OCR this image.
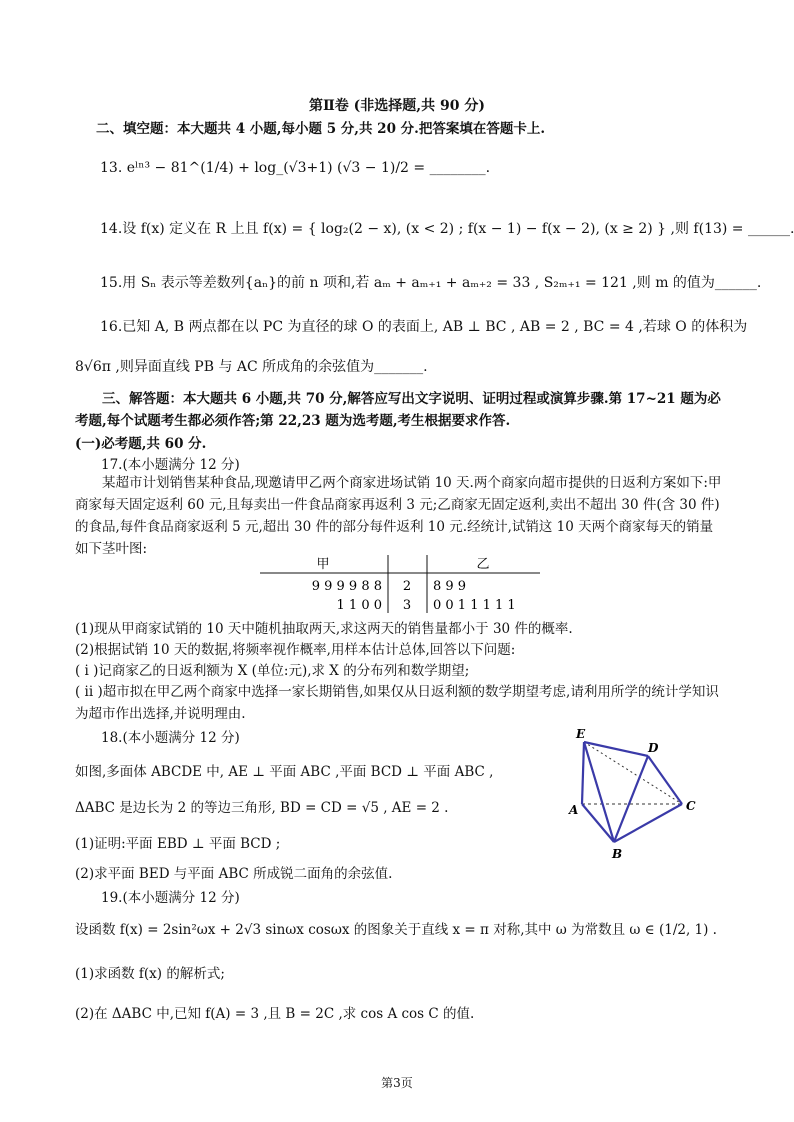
第Ⅱ卷 (非选择题,共 90 分)
二、填空题：本大题共 4 小题,每小题 5 分,共 20 分.把答案填在答题卡上.
13. eˡⁿ³ − 81^(1/4) + log_(√3+1) (√3 − 1)/2 = ________.
14.设 f(x) 定义在 R 上且 f(x) = { log₂(2 − x), (x < 2) ; f(x − 1) − f(x − 2), (x ≥ 2) } ,则 f(13) = ______.
15.用 Sₙ 表示等差数列{aₙ}的前 n 项和,若 aₘ + aₘ₊₁ + aₘ₊₂ = 33 , S₂ₘ₊₁ = 121 ,则 m 的值为______.
16.已知 A, B 两点都在以 PC 为直径的球 O 的表面上, AB ⊥ BC , AB = 2 , BC = 4 ,若球 O 的体积为
8√6π ,则异面直线 PB 与 AC 所成角的余弦值为_______.
三、解答题：本大题共 6 小题,共 70 分,解答应写出文字说明、证明过程或演算步骤.第 17~21 题为必考题,每个试题考生都必须作答;第 22,23 题为选考题,考生根据要求作答.
(一)必考题,共 60 分.
17.(本小题满分 12 分)
某超市计划销售某种食品,现邀请甲乙两个商家进场试销 10 天.两个商家向超市提供的日返利方案如下:甲商家每天固定返利 60 元,且每卖出一件食品商家再返利 3 元;乙商家无固定返利,卖出不超出 30 件(含 30 件)的食品,每件食品商家返利 5 元,超出 30 件的部分每件返利 10 元.经统计,试销这 10 天两个商家每天的销量如下茎叶图:
甲	乙
9 9 9 9 8 8 2 8 9 9
1 1 0 0 3 0 0 1 1 1 1 1
(1)现从甲商家试销的 10 天中随机抽取两天,求这两天的销售量都小于 30 件的概率.
(2)根据试销 10 天的数据,将频率视作概率,用样本估计总体,回答以下问题:
( i )记商家乙的日返利额为 X (单位:元),求 X 的分布列和数学期望;
( ii )超市拟在甲乙两个商家中选择一家长期销售,如果仅从日返利额的数学期望考虑,请利用所学的统计学知识为超市作出选择,并说明理由.
18.(本小题满分 12 分)
如图,多面体 ABCDE 中, AE ⊥ 平面 ABC ,平面 BCD ⊥ 平面 ABC ,
ΔABC 是边长为 2 的等边三角形, BD = CD = √5 , AE = 2 .
(1)证明:平面 EBD ⊥ 平面 BCD ;
(2)求平面 BED 与平面 ABC 所成锐二面角的余弦值.
E
D
A	C
B
19.(本小题满分 12 分)
设函数 f(x) = 2sin²ωx + 2√3 sinωx cosωx 的图象关于直线 x = π 对称,其中 ω 为常数且 ω ∈ (1/2, 1) .
(1)求函数 f(x) 的解析式;
(2)在 ΔABC 中,已知 f(A) = 3 ,且 B = 2C ,求 cos A cos C 的值.
第3页
